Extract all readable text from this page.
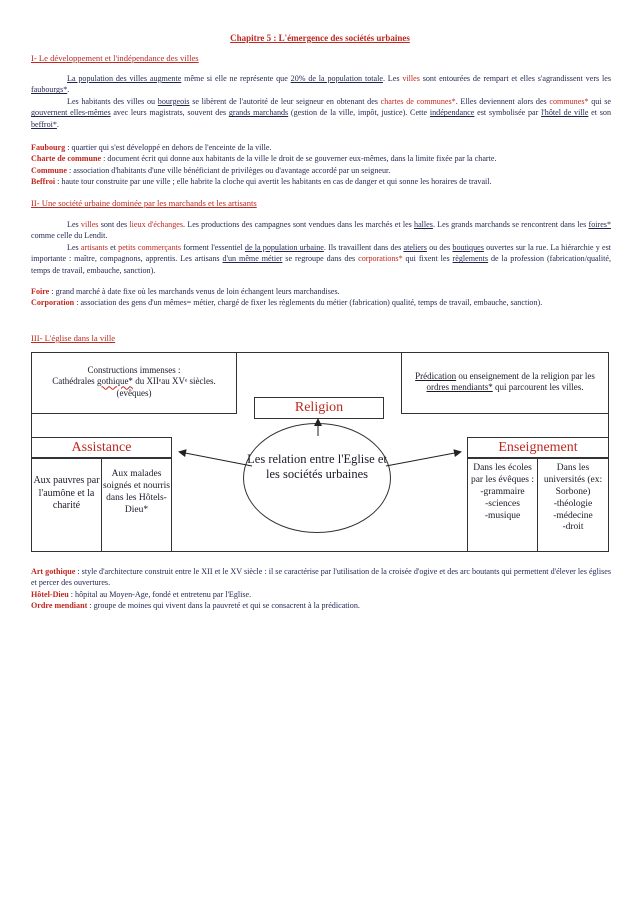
Chapitre 5 : L'émergence des sociétés urbaines
I- Le développement et l'indépendance des villes
La population des villes augmente même si elle ne représente que 20% de la population totale. Les villes sont entourées de rempart et elles s'agrandissent vers les faubourgs*.
Les habitants des villes ou bourgeois se libèrent de l'autorité de leur seigneur en obtenant des chartes de communes*. Elles deviennent alors des communes* qui se gouvernent elles-mêmes avec leurs magistrats, souvent des grands marchands (gestion de la ville, impôt, justice). Cette indépendance est symbolisée par l'hôtel de ville et son beffroi*.
Faubourg : quartier qui s'est développé en dehors de l'enceinte de la ville.
Charte de commune : document écrit qui donne aux habitants de la ville le droit de se gouverner eux-mêmes, dans la limite fixée par la charte.
Commune : association d'habitants d'une ville bénéficiant de privilèges ou d'avantage accordé par un seigneur.
Beffroi : haute tour construite par une ville ; elle habrite la cloche qui avertit les habitants en cas de danger et qui sonne les horaires de travail.
II- Une société urbaine dominée par les marchands et les artisants
Les villes sont des lieux d'échanges. Les productions des campagnes sont vendues dans les marchés et les halles. Les grands marchands se rencontrent dans les foires* comme celle du Lendit.
Les artisants et petits commerçants forment l'essentiel de la population urbaine. Ils travaillent dans des ateliers ou des boutiques ouvertes sur la rue. La hiérarchie y est importante : maître, compagnons, apprentis. Les artisans d'un même métier se regroupe dans des corporations* qui fixent les règlements de la profession (fabrication/qualité, temps de travail, embauche, sanction).
Foire : grand marché à date fixe où les marchands venus de loin échangent leurs marchandises.
Corporation : association des gens d'un mêmes= métier, chargé de fixer les règlements du métier (fabrication) qualité, temps de travail, embauche, sanction).
III- L'église dans la ville
Constructions immenses :
Cathédrales gothique* du XIIᵉau XVᵉ siècles.
(evêques)
Prédication ou enseignement de la religion par les ordres mendiants* qui parcourent les villes.
Religion
Assistance	Enseignement
Aux pauvres par l'aumône et la charité
Aux malades soignés et nourris dans les Hôtels-Dieu*
Dans les écoles par les évêques :
-grammaire
-sciences
-musique
Dans les universités (ex: Sorbone)
-théologie
-médecine
-droit
Les relation entre l'Eglise et les sociétés urbaines
Art gothique : style d'architecture construit entre le XII et le XV siècle : il se caractérise par l'utilisation de la croisée d'ogive et des arc boutants qui permettent d'élever les églises et percer des ouvertures.
Hôtel-Dieu : hôpital au Moyen-Age, fondé et entretenu par l'Eglise.
Ordre mendiant : groupe de moines qui vivent dans la pauvreté et qui se consacrent à la prédication.
